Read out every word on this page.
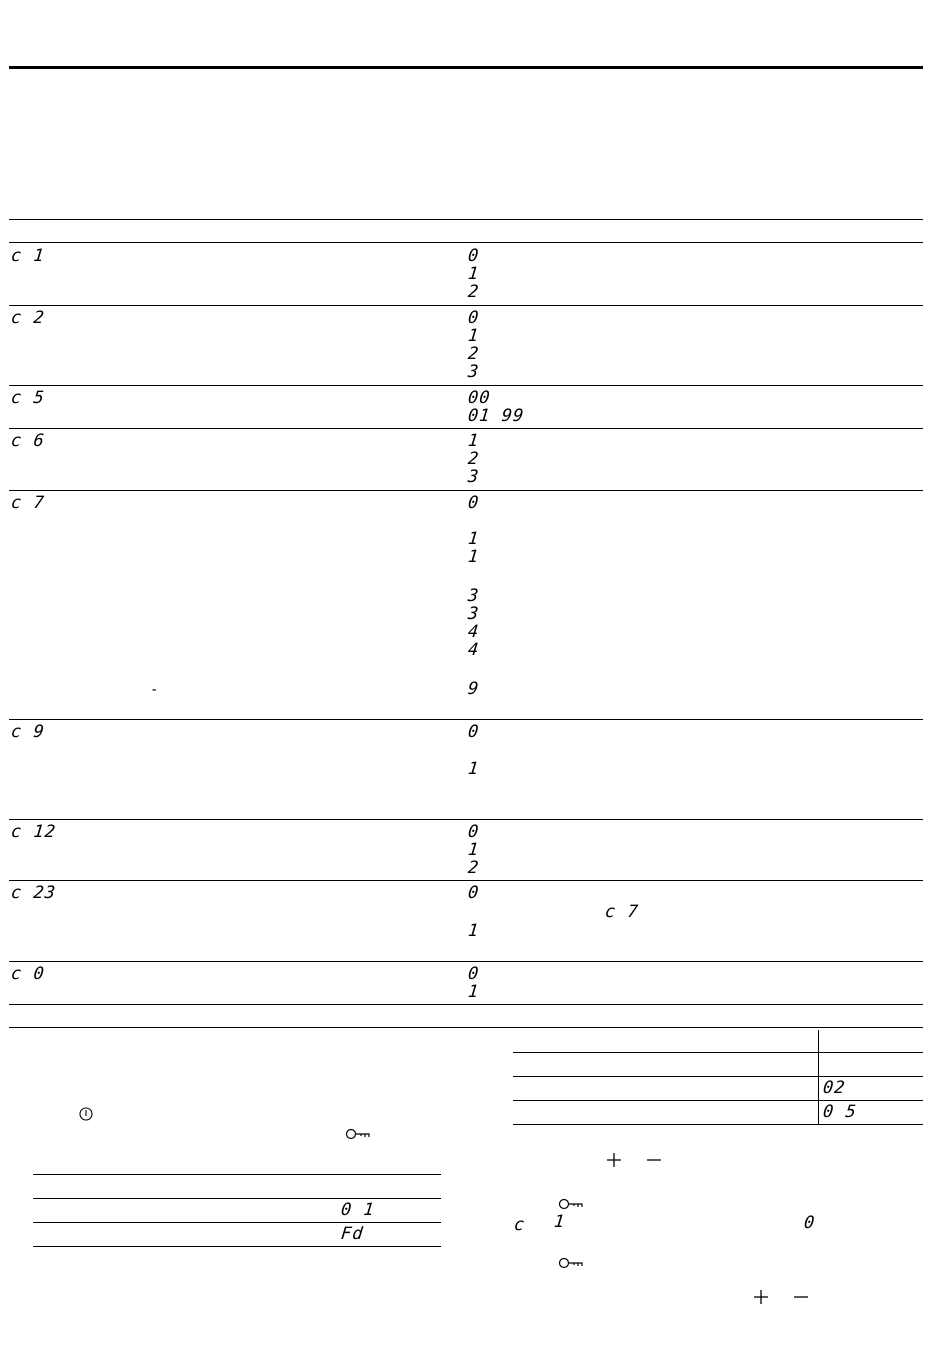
c 1	0
1
2
c 2	0
1
2
3
c 5	00
01 99
c 6	1
2
3
c 7	0
1
1
3
3
4
4
9
-
c 9	0
1
c 12	0
1
2
c 23	0
c 7
1
c 0	0
1
0 1
Fd
02
0 5
c 1	0
